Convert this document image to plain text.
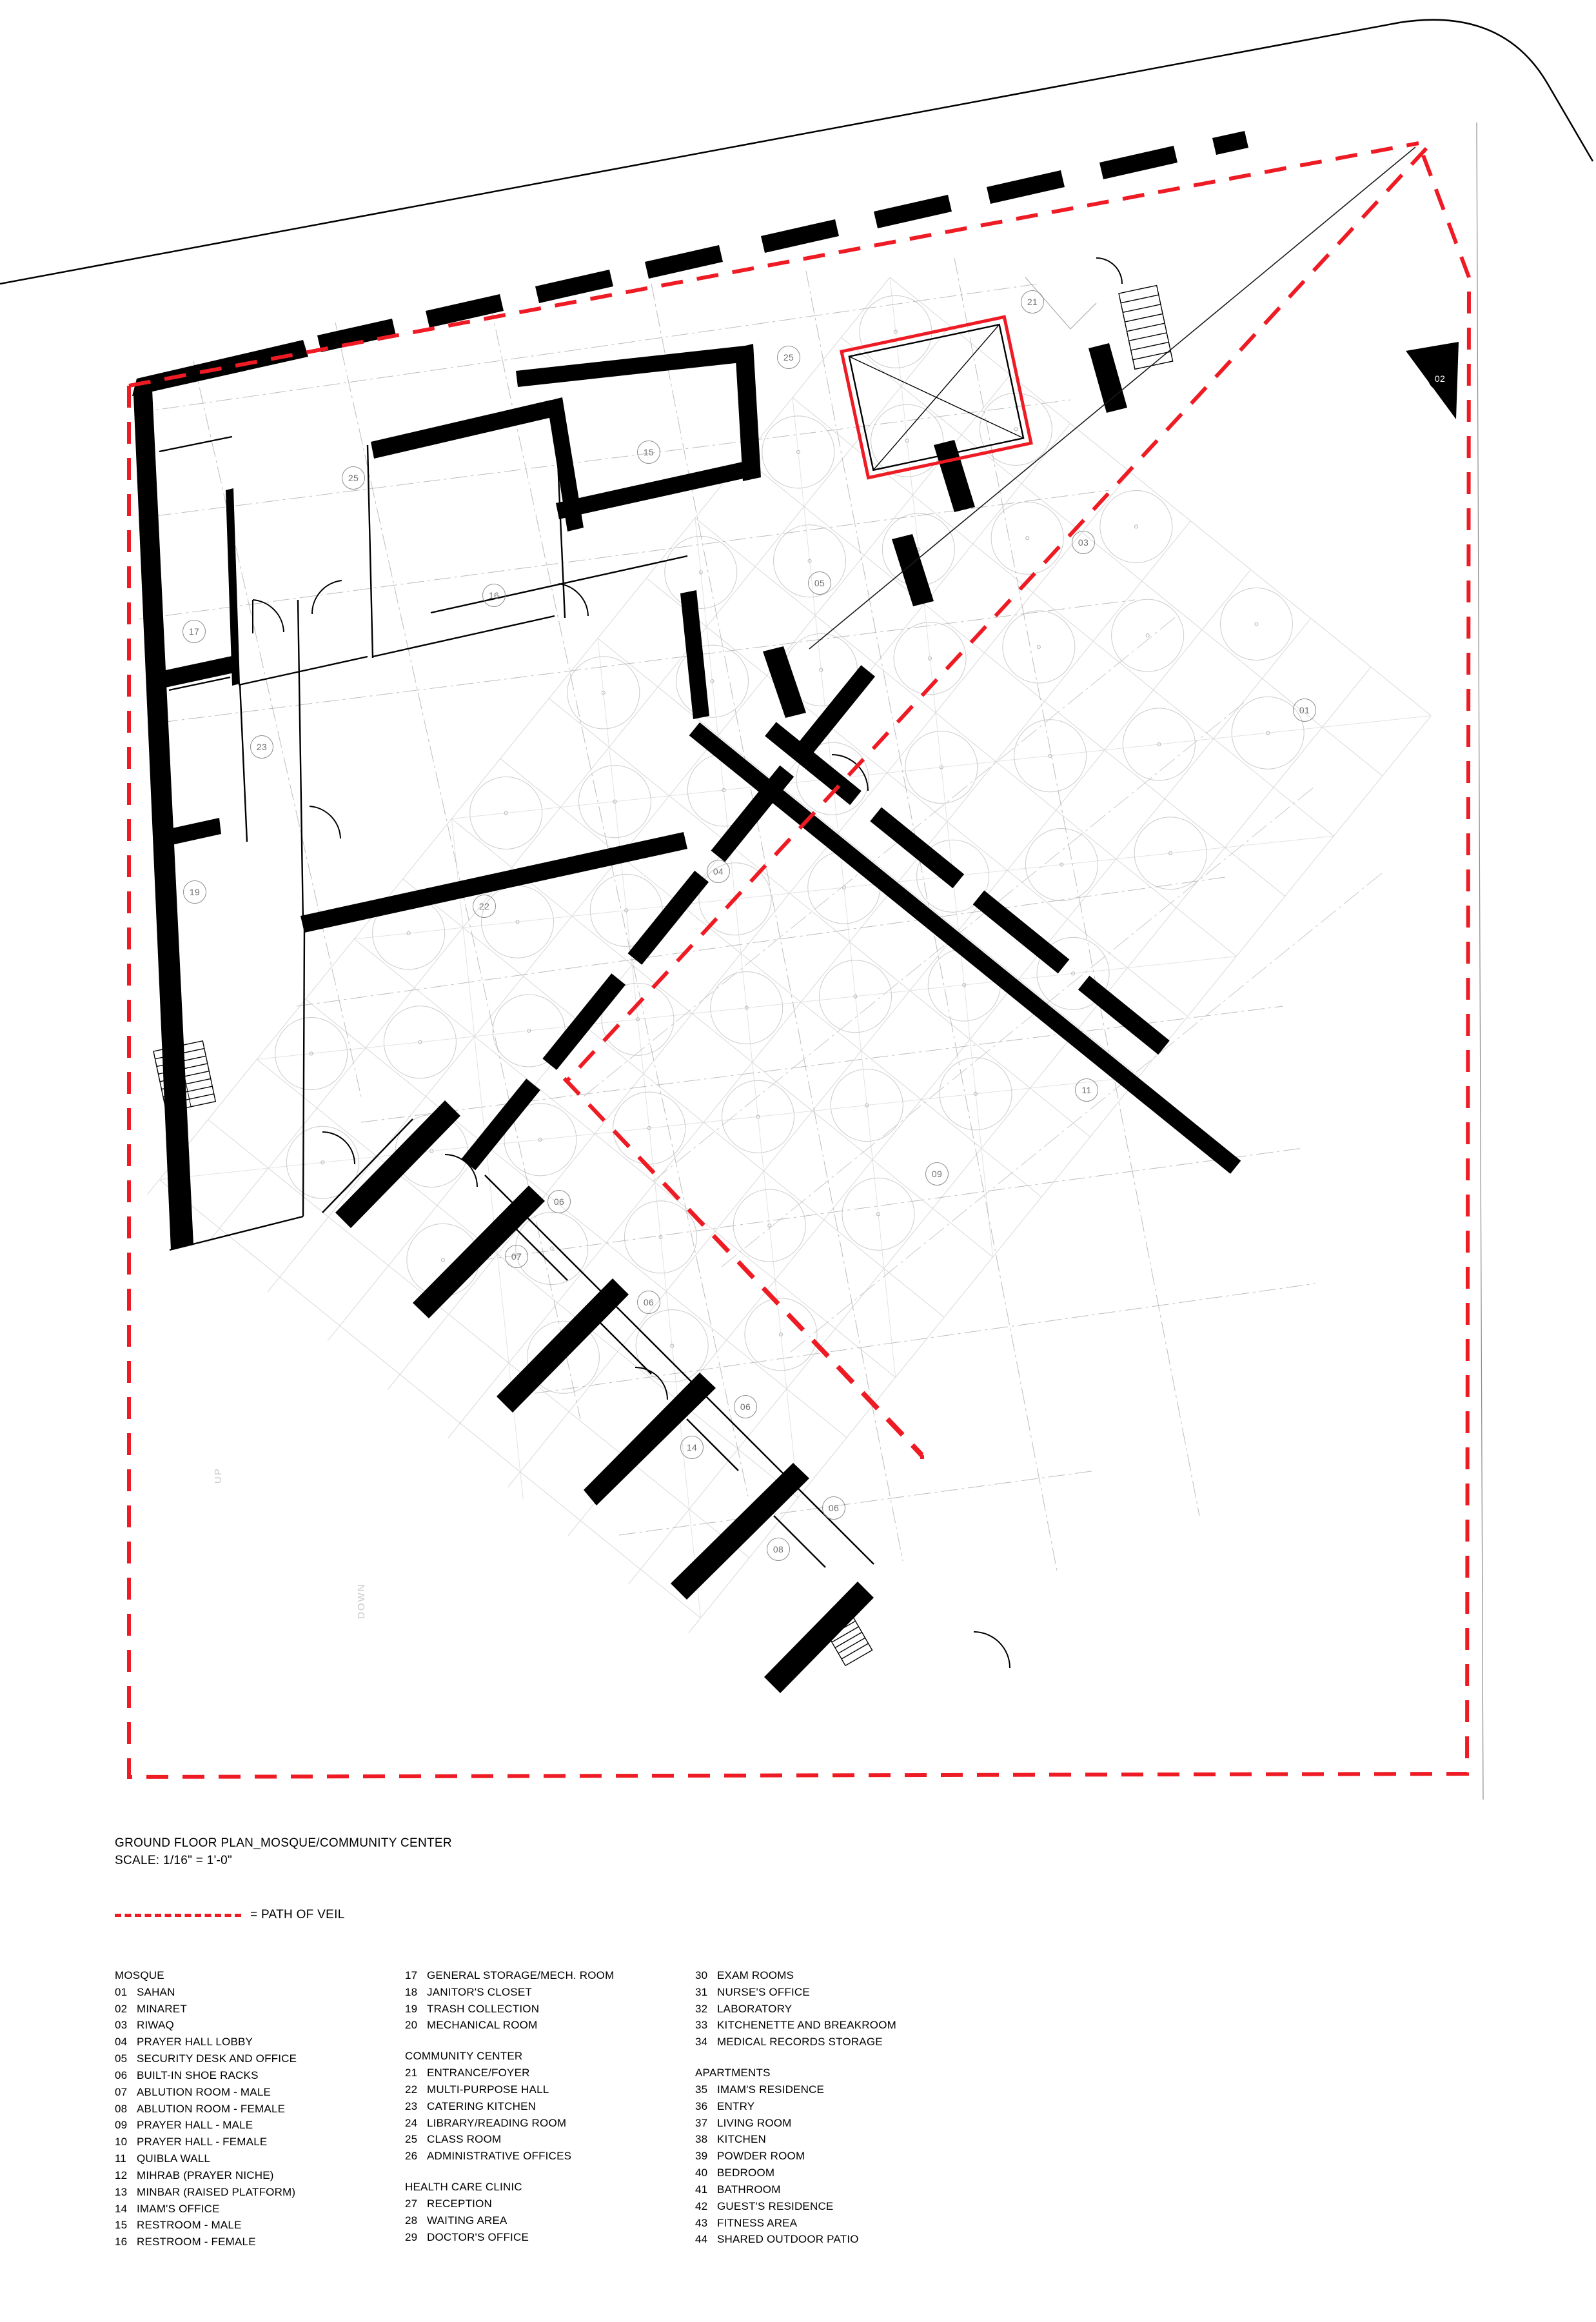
25
21
15
25
02
03
16
05
17
23
01
19
04
22
11
09
06
07
06
06
14
06
08
UP
DOWN
GROUND FLOOR PLAN_MOSQUE/COMMUNITY CENTER
SCALE: 1/16" = 1'-0"
= PATH OF VEIL
MOSQUE
01 SAHAN
02 MINARET
03 RIWAQ
04 PRAYER HALL LOBBY
05 SECURITY DESK AND OFFICE
06 BUILT-IN SHOE RACKS
07 ABLUTION ROOM - MALE
08 ABLUTION ROOM - FEMALE
09 PRAYER HALL - MALE
10 PRAYER HALL - FEMALE
11 QUIBLA WALL
12 MIHRAB (PRAYER NICHE)
13 MINBAR (RAISED PLATFORM)
14 IMAM'S OFFICE
15 RESTROOM - MALE
16 RESTROOM - FEMALE
17 GENERAL STORAGE/MECH. ROOM
18 JANITOR'S CLOSET
19 TRASH COLLECTION
20 MECHANICAL ROOM
COMMUNITY CENTER
21 ENTRANCE/FOYER
22 MULTI-PURPOSE HALL
23 CATERING KITCHEN
24 LIBRARY/READING ROOM
25 CLASS ROOM
26 ADMINISTRATIVE OFFICES
HEALTH CARE CLINIC
27 RECEPTION
28 WAITING AREA
29 DOCTOR'S OFFICE
30 EXAM ROOMS
31 NURSE'S OFFICE
32 LABORATORY
33 KITCHENETTE AND BREAKROOM
34 MEDICAL RECORDS STORAGE
APARTMENTS
35 IMAM'S RESIDENCE
36 ENTRY
37 LIVING ROOM
38 KITCHEN
39 POWDER ROOM
40 BEDROOM
41 BATHROOM
42 GUEST'S RESIDENCE
43 FITNESS AREA
44 SHARED OUTDOOR PATIO
